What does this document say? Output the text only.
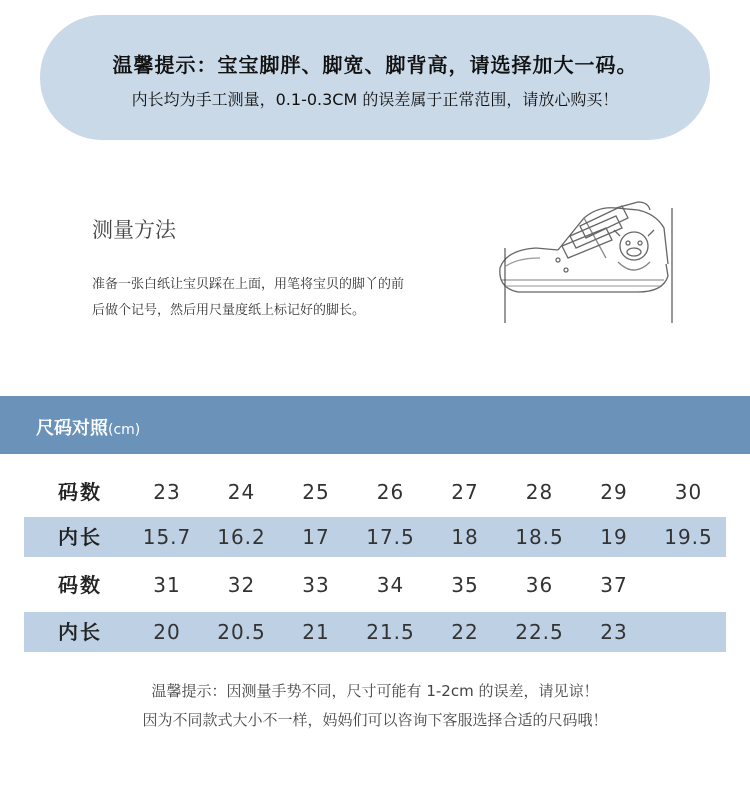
温馨提示：宝宝脚胖、脚宽、脚背高，请选择加大一码。
内长均为手工测量，0.1-0.3CM 的误差属于正常范围，请放心购买！
测量方法
准备一张白纸让宝贝踩在上面，用笔将宝贝的脚丫的前
后做个记号，然后用尺量度纸上标记好的脚长。
尺码对照(cm)
码数	23	24	25	26	27	28	29	30
内长	15.7	16.2	17	17.5	18	18.5	19	19.5
码数	31	32	33	34	35	36	37
内长	20	20.5	21	21.5	22	22.5	23
温馨提示：因测量手势不同，尺寸可能有 1-2cm 的误差，请见谅！
因为不同款式大小不一样，妈妈们可以咨询下客服选择合适的尺码哦！
